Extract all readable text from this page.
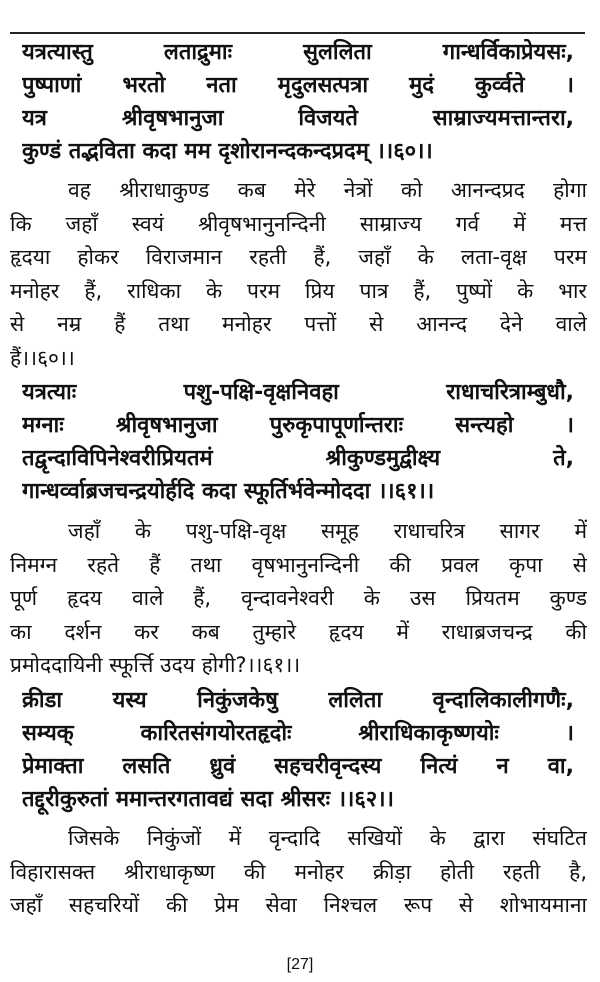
यत्रत्यास्तु लताद्रुमाः सुललिता गान्धर्विकाप्रेयसः,
पुष्पाणां भरतो नता मृदुलसत्पत्रा मुदं कुर्व्वते ।
यत्र श्रीवृषभानुजा विजयते साम्राज्यमत्तान्तरा,
कुण्डं तद्भविता कदा मम दृशोरानन्दकन्दप्रदम् ।।६०।।
वह श्रीराधाकुण्ड कब मेरे नेत्रों को आनन्दप्रद होगा
कि जहाँ स्वयं श्रीवृषभानुनन्दिनी साम्राज्य गर्व में मत्त
हृदया होकर विराजमान रहती हैं, जहाँ के लता-वृक्ष परम
मनोहर हैं, राधिका के परम प्रिय पात्र हैं, पुष्पों के भार
से नम्र हैं तथा मनोहर पत्तों से आनन्द देने वाले
हैं।।६०।।
यत्रत्याः पशु-पक्षि-वृक्षनिवहा राधाचरित्राम्बुधौ,
मग्नाः श्रीवृषभानुजा पुरुकृपापूर्णान्तराः सन्त्यहो ।
तद्वृन्दाविपिनेश्वरीप्रियतमं श्रीकुण्डमुद्वीक्ष्य ते,
गान्धर्व्वाब्रजचन्द्रयोर्हदि कदा स्फूर्तिर्भवेन्मोददा ।।६१।।
जहाँ के पशु-पक्षि-वृक्ष समूह राधाचरित्र सागर में
निमग्न रहते हैं तथा वृषभानुनन्दिनी की प्रवल कृपा से
पूर्ण हृदय वाले हैं, वृन्दावनेश्वरी के उस प्रियतम कुण्ड
का दर्शन कर कब तुम्हारे हृदय में राधाब्रजचन्द्र की
प्रमोददायिनी स्फूर्त्ति उदय होगी?।।६१।।
क्रीडा यस्य निकुंजकेषु ललिता वृन्दालिकालीगणैः,
सम्यक् कारितसंगयोरतहृदोः श्रीराधिकाकृष्णयोः ।
प्रेमाक्ता लसति ध्रुवं सहचरीवृन्दस्य नित्यं न वा,
तद्दूरीकुरुतां ममान्तरगतावद्यं सदा श्रीसरः ।।६२।।
जिसके निकुंजों में वृन्दादि सखियों के द्वारा संघटित
विहारासक्त श्रीराधाकृष्ण की मनोहर क्रीड़ा होती रहती है,
जहाँ सहचरियों की प्रेम सेवा निश्चल रूप से शोभायमाना
[27]
